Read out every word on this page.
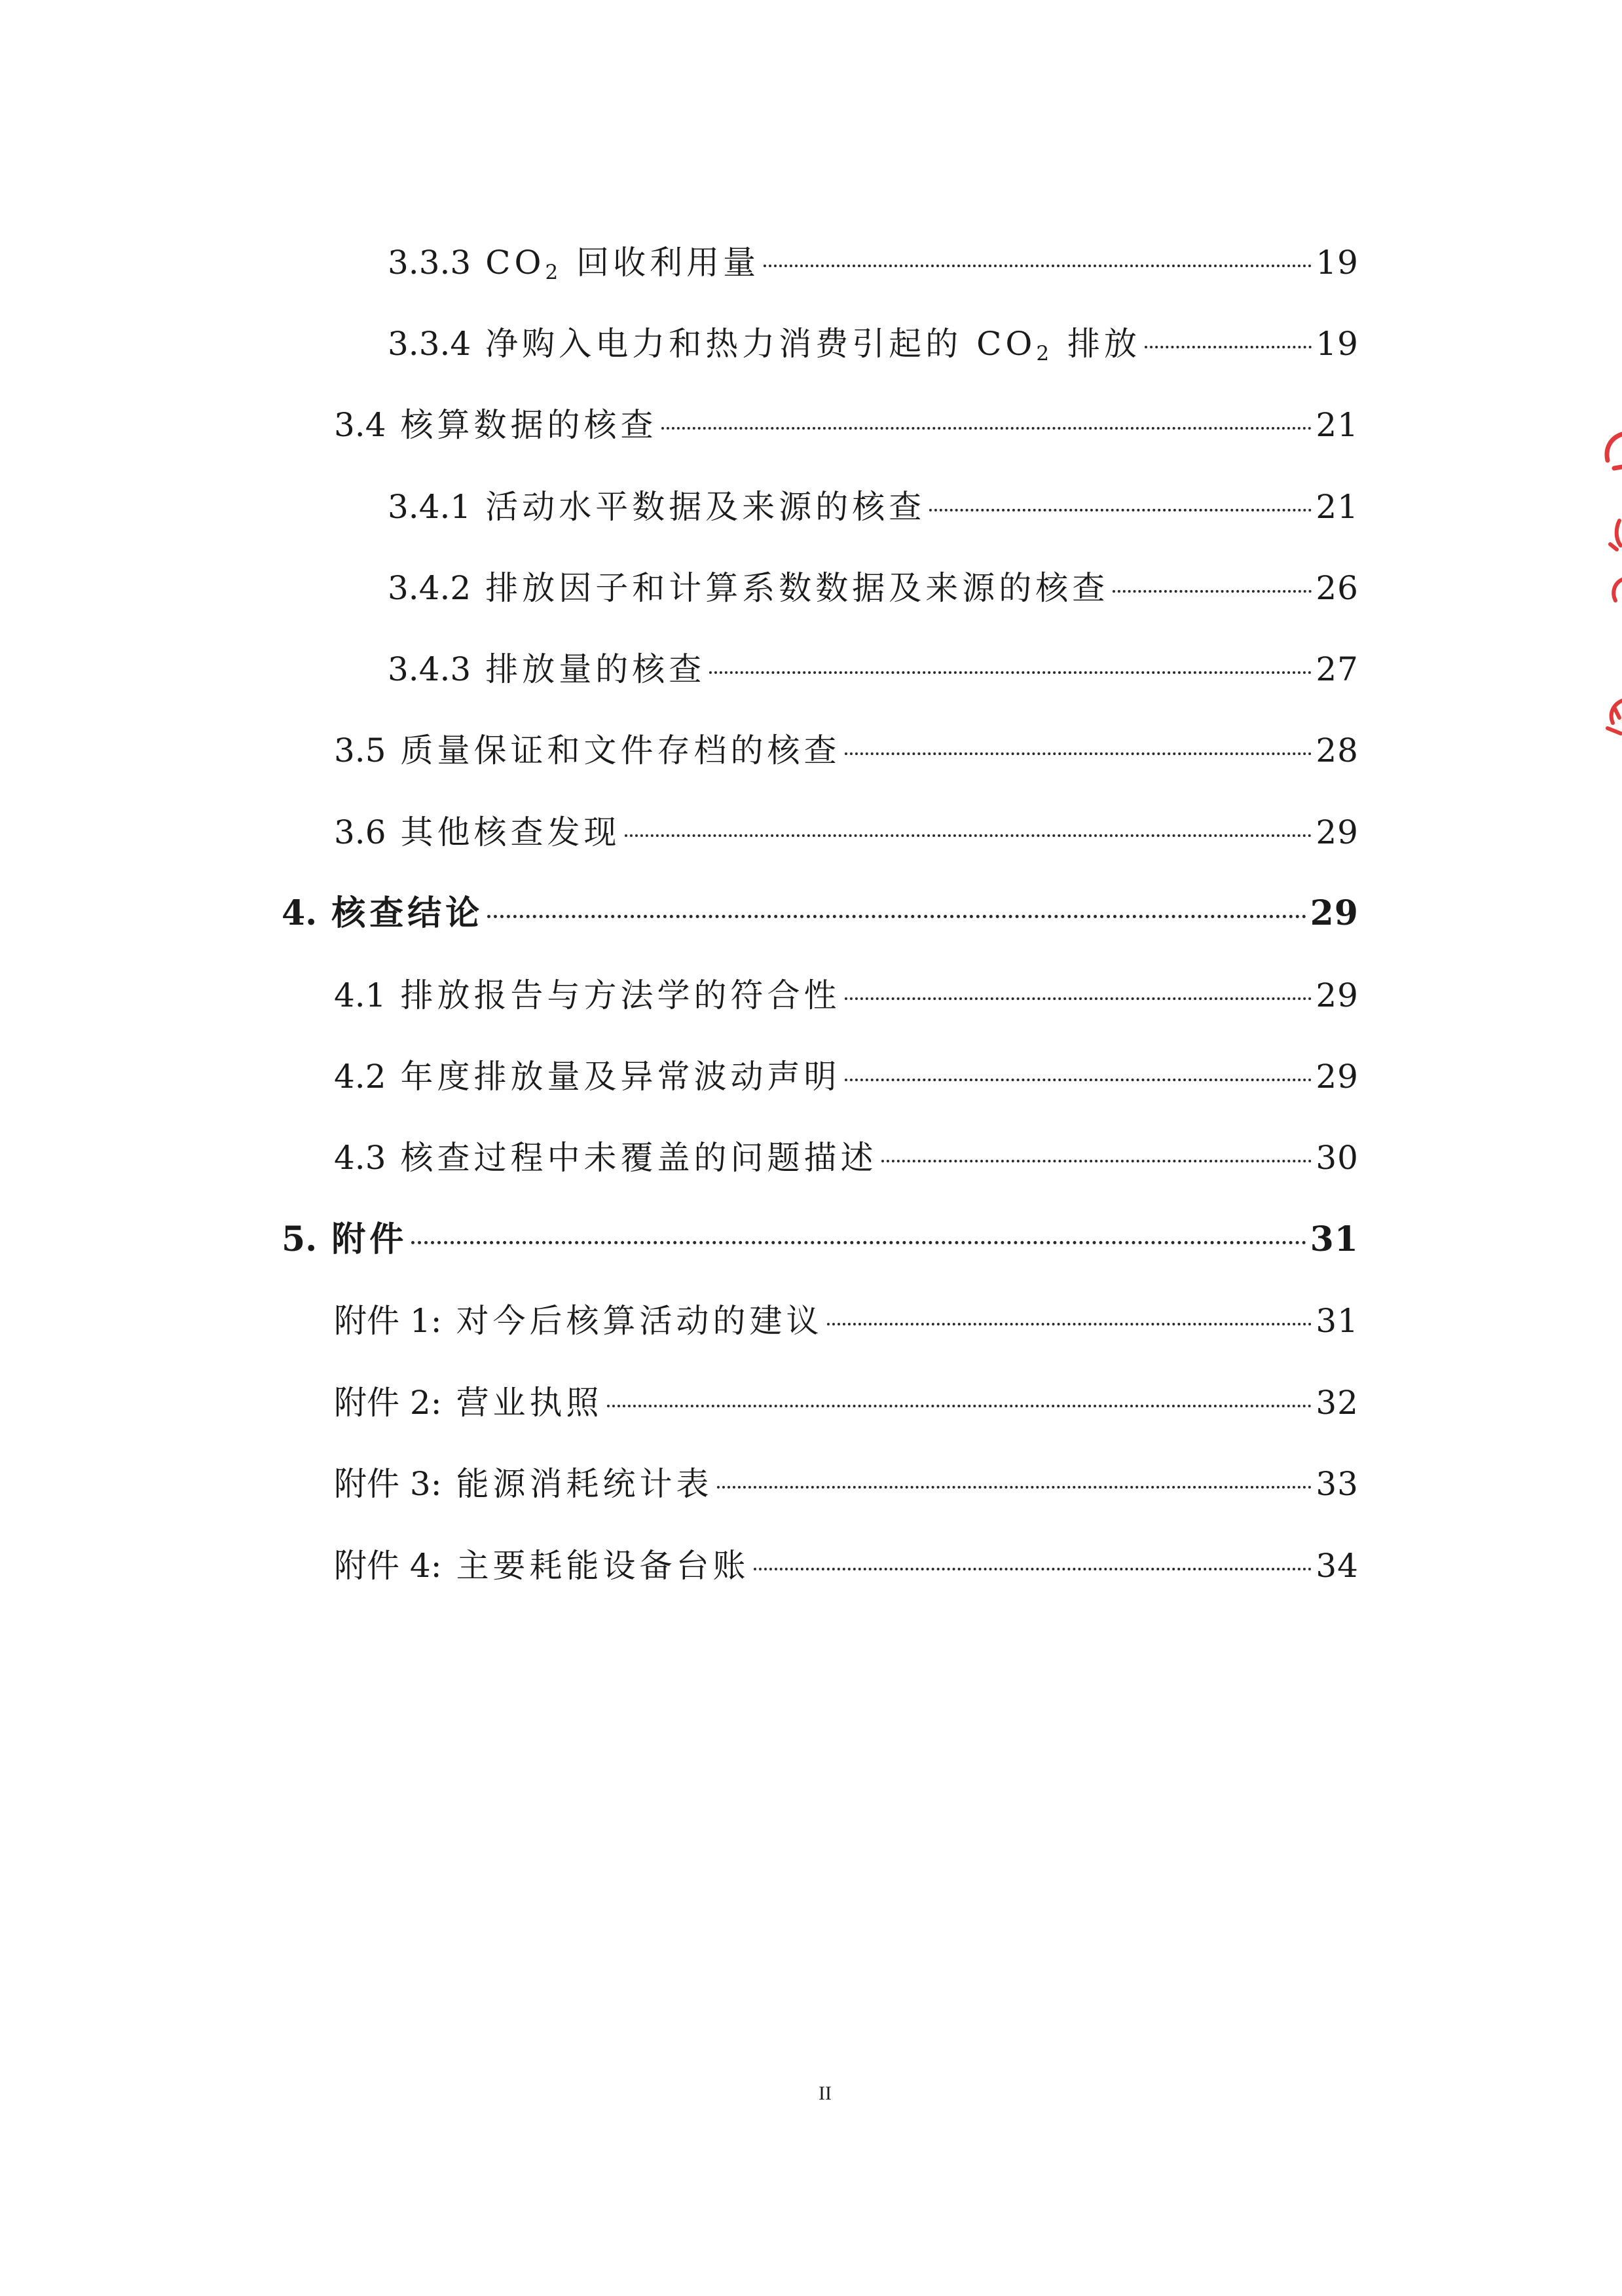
3.3.3 $CO_2$ 回收利用量	19
3.3.4 净购入电力和热力消费引起的 $CO_2$ 排放	19
3.4 核算数据的核查	21
3.4.1 活动水平数据及来源的核查	21
3.4.2 排放因子和计算系数数据及来源的核查	26
3.4.3 排放量的核查	27
3.5 质量保证和文件存档的核查	28
3.6 其他核查发现	29
4. 核查结论	29
4.1 排放报告与方法学的符合性	29
4.2 年度排放量及异常波动声明	29
4.3 核查过程中未覆盖的问题描述	30
5. 附件	31
附件 1: 对今后核算活动的建议	31
附件 2: 营业执照	32
附件 3: 能源消耗统计表	33
附件 4: 主要耗能设备台账	34
II
